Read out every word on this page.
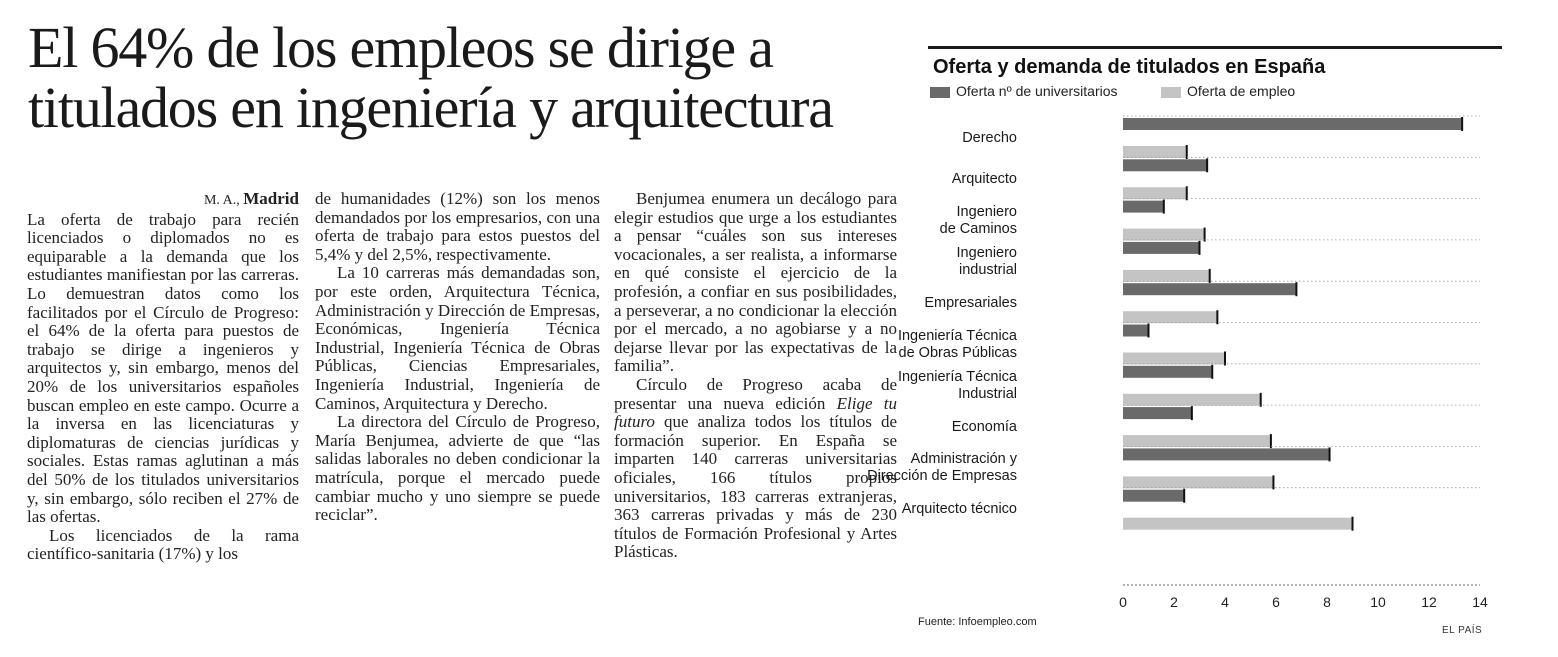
El 64% de los empleos se dirige a
titulados en ingeniería y arquitectura
M. A., Madrid

La oferta de trabajo para recién licenciados o diplomados no es equiparable a la demanda que los estudiantes manifiestan por las carreras. Lo demuestran datos como los facilitados por el Círculo de Progreso: el 64% de la oferta para puestos de trabajo se dirige a ingenieros y arquitectos y, sin embargo, menos del 20% de los universitarios españoles buscan empleo en este campo. Ocurre a la inversa en las licenciaturas y diplomaturas de ciencias jurídicas y sociales. Estas ramas aglutinan a más del 50% de los titulados universitarios y, sin embargo, sólo reciben el 27% de las ofertas.

Los licenciados de la rama científico-sanitaria (17%) y los

de humanidades (12%) son los menos demandados por los empresarios, con una oferta de trabajo para estos puestos del 5,4% y del 2,5%, respectivamente.

La 10 carreras más demandadas son, por este orden, Arquitectura Técnica, Administración y Dirección de Empresas, Económicas, Ingeniería Técnica Industrial, Ingeniería Técnica de Obras Públicas, Ciencias Empresariales, Ingeniería Industrial, Ingeniería de Caminos, Arquitectura y Derecho.

La directora del Círculo de Progreso, María Benjumea, advierte de que “las salidas laborales no deben condicionar la matrícula, porque el mercado puede cambiar mucho y uno siempre se puede reciclar”.

Benjumea enumera un decálogo para elegir estudios que urge a los estudiantes a pensar “cuáles son sus intereses vocacionales, a ser realista, a informarse en qué consiste el ejercicio de la profesión, a confiar en sus posibilidades, a perseverar, a no condicionar la elección por el mercado, a no agobiarse y a no dejarse llevar por las expectativas de la familia”.

Círculo de Progreso acaba de presentar una nueva edición Elige tu futuro que analiza todos los títulos de formación superior. En España se imparten 140 carreras universitarias oficiales, 166 títulos propios universitarios, 183 carreras extranjeras, 363 carreras privadas y más de 230 títulos de Formación Profesional y Artes Plásticas.

Oferta y demanda de titulados en España
Oferta nº de universitarios	Oferta de empleo
Derecho
Arquitecto
Ingeniero
de Caminos
Ingeniero
industrial
Empresariales
Ingeniería Técnica
de Obras Públicas
Ingeniería Técnica
Industrial
Economía
Administración y
Dirección de Empresas
Arquitecto técnico
0	2	4	6	8	10	12	14
Fuente: Infoempleo.com
EL PAÍS
